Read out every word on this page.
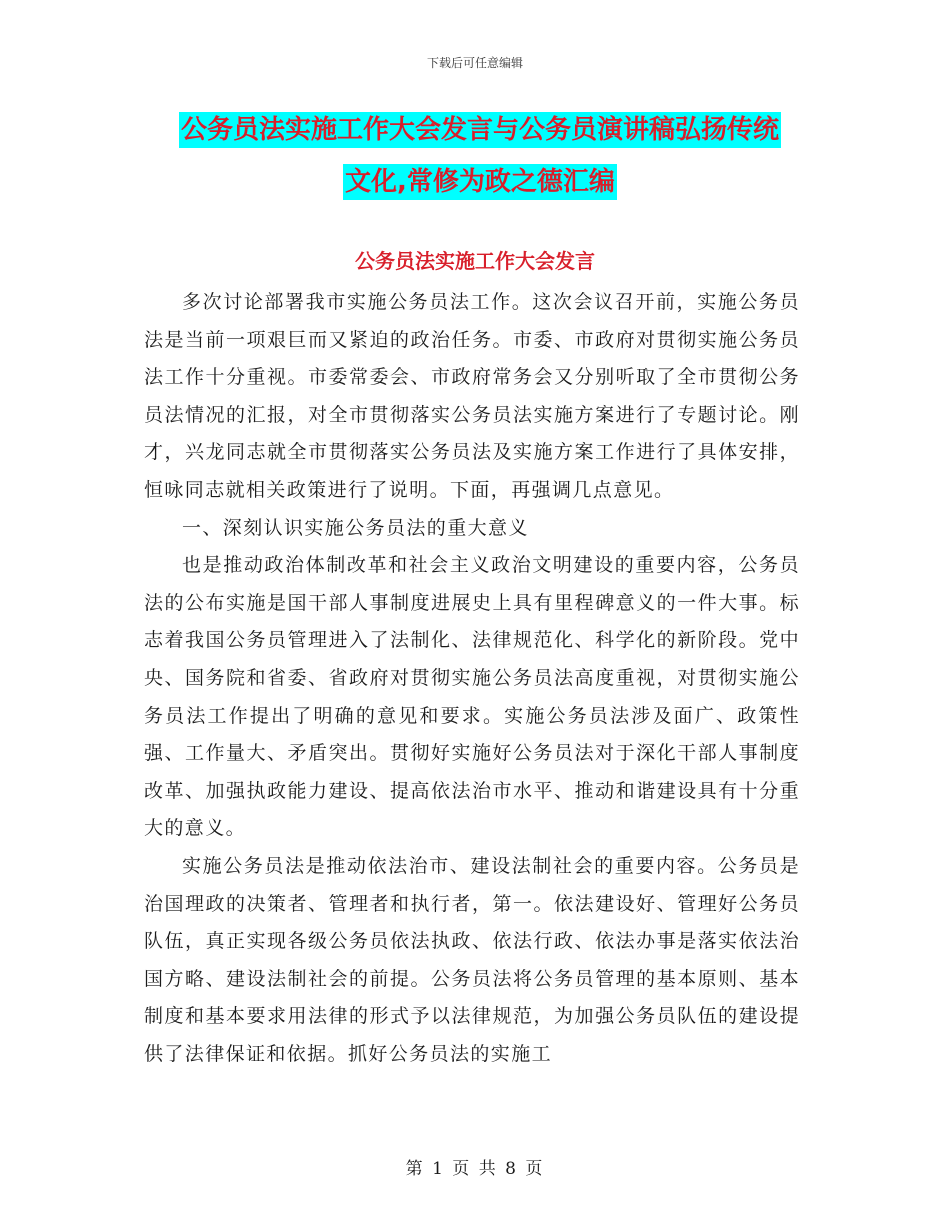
下载后可任意编辑
公务员法实施工作大会发言与公务员演讲稿弘扬传统
文化,常修为政之德汇编
公务员法实施工作大会发言

多次讨论部署我市实施公务员法工作。这次会议召开前，实施公务员法是当前一项艰巨而又紧迫的政治任务。市委、市政府对贯彻实施公务员法工作十分重视。市委常委会、市政府常务会又分别听取了全市贯彻公务员法情况的汇报，对全市贯彻落实公务员法实施方案进行了专题讨论。刚才，兴龙同志就全市贯彻落实公务员法及实施方案工作进行了具体安排，恒咏同志就相关政策进行了说明。下面，再强调几点意见。

一、深刻认识实施公务员法的重大意义

也是推动政治体制改革和社会主义政治文明建设的重要内容，公务员法的公布实施是国干部人事制度进展史上具有里程碑意义的一件大事。标志着我国公务员管理进入了法制化、法律规范化、科学化的新阶段。党中央、国务院和省委、省政府对贯彻实施公务员法高度重视，对贯彻实施公务员法工作提出了明确的意见和要求。实施公务员法涉及面广、政策性强、工作量大、矛盾突出。贯彻好实施好公务员法对于深化干部人事制度改革、加强执政能力建设、提高依法治市水平、推动和谐建设具有十分重大的意义。

实施公务员法是推动依法治市、建设法制社会的重要内容。公务员是治国理政的决策者、管理者和执行者，第一。依法建设好、管理好公务员队伍，真正实现各级公务员依法执政、依法行政、依法办事是落实依法治国方略、建设法制社会的前提。公务员法将公务员管理的基本原则、基本制度和基本要求用法律的形式予以法律规范，为加强公务员队伍的建设提供了法律保证和依据。抓好公务员法的实施工

第 1 页 共 8 页
